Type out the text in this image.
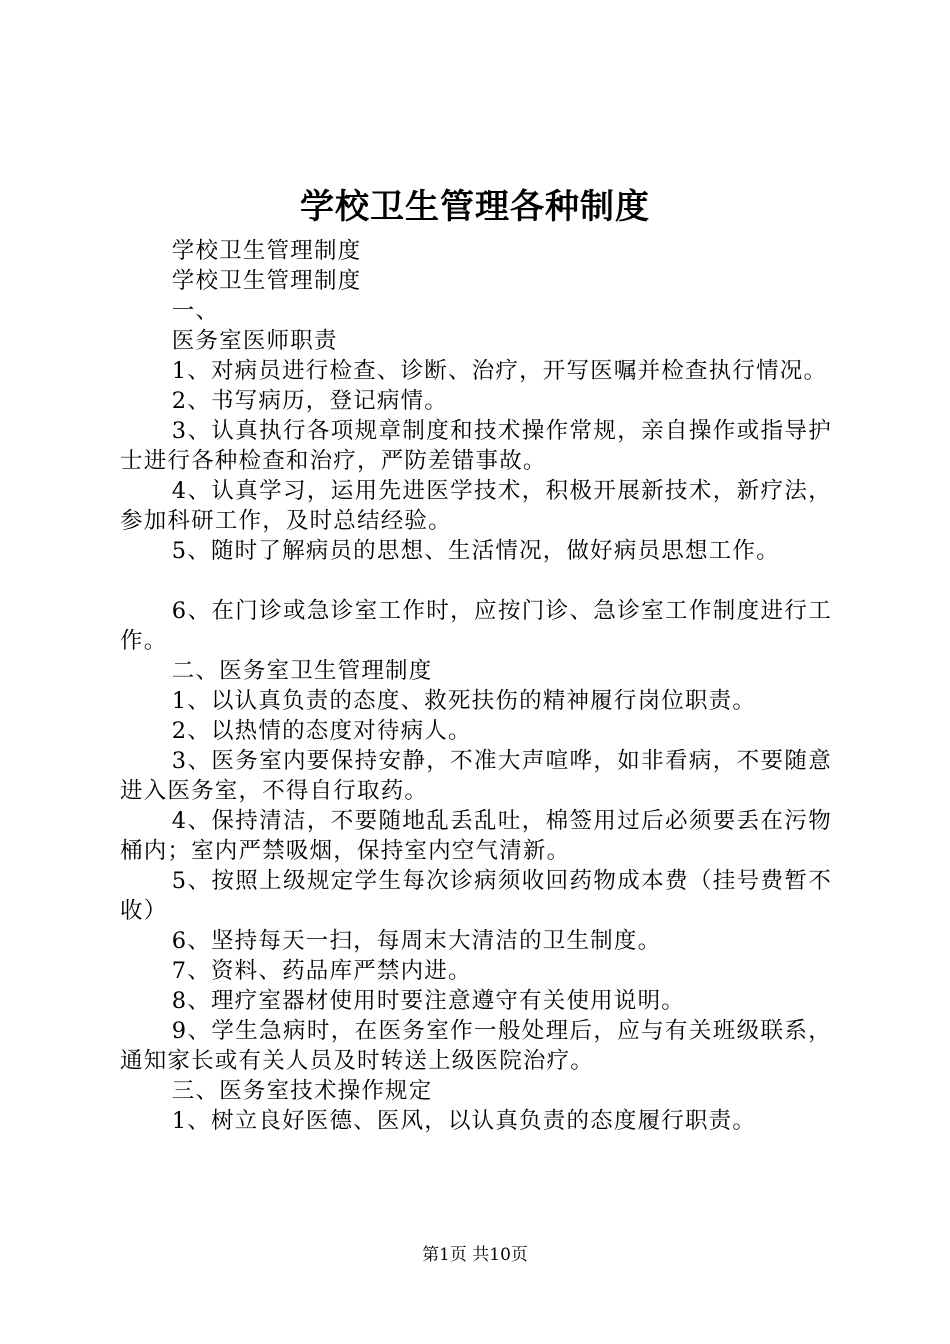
学校卫生管理各种制度

学校卫生管理制度

学校卫生管理制度

一、

医务室医师职责

1、对病员进行检查、诊断、治疗，开写医嘱并检查执行情况。

2、书写病历，登记病情。

3、认真执行各项规章制度和技术操作常规，亲自操作或指导护士进行各种检查和治疗，严防差错事故。

4、认真学习，运用先进医学技术，积极开展新技术，新疗法，参加科研工作，及时总结经验。

5、随时了解病员的思想、生活情况，做好病员思想工作。

6、在门诊或急诊室工作时，应按门诊、急诊室工作制度进行工作。

二、医务室卫生管理制度

1、以认真负责的态度、救死扶伤的精神履行岗位职责。

2、以热情的态度对待病人。

3、医务室内要保持安静，不准大声喧哗，如非看病，不要随意进入医务室，不得自行取药。

4、保持清洁，不要随地乱丢乱吐，棉签用过后必须要丢在污物桶内；室内严禁吸烟，保持室内空气清新。

5、按照上级规定学生每次诊病须收回药物成本费（挂号费暂不收）

6、坚持每天一扫，每周末大清洁的卫生制度。

7、资料、药品库严禁内进。

8、理疗室器材使用时要注意遵守有关使用说明。

9、学生急病时，在医务室作一般处理后，应与有关班级联系，通知家长或有关人员及时转送上级医院治疗。

三、医务室技术操作规定

1、树立良好医德、医风，以认真负责的态度履行职责。

第1页 共10页
